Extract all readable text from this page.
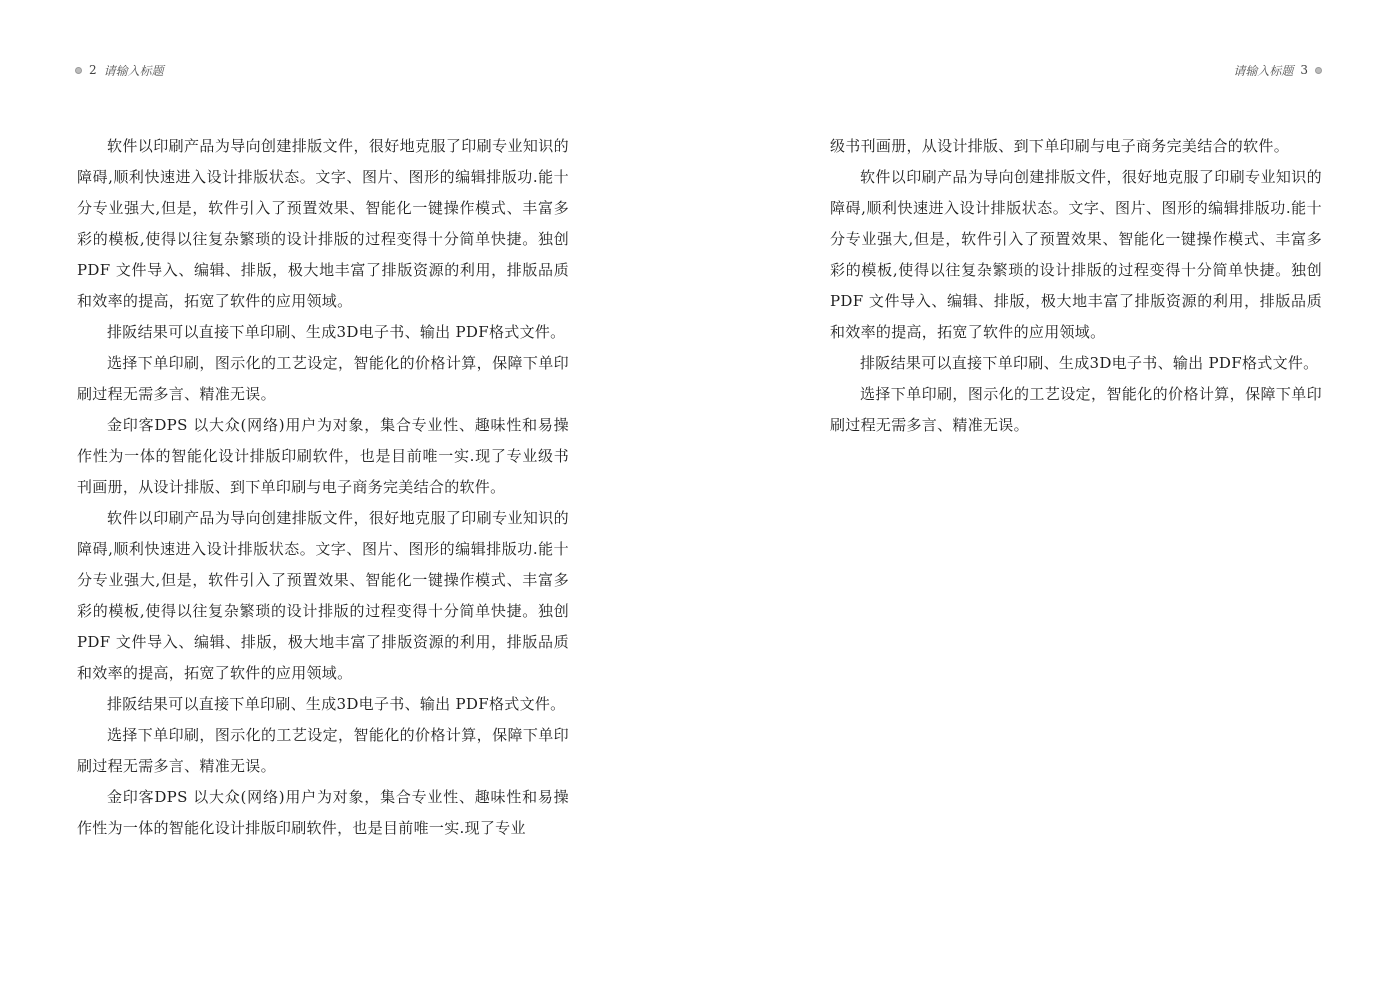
2 请输入标题

软件以印刷产品为导向创建排版文件，很好地克服了印刷专业知识的障碍,顺利快速进入设计排版状态。文字、图片、图形的编辑排版功.能十分专业强大,但是，软件引入了预置效果、智能化一键操作模式、丰富多彩的模板,使得以往复杂繁琐的设计排版的过程变得十分简单快捷。独创PDF 文件导入、编辑、排版，极大地丰富了排版资源的利用，排版品质和效率的提高，拓宽了软件的应用领域。

排阪结果可以直接下单印刷、生成3D电子书、输出 PDF格式文件。

选择下单印刷，图示化的工艺设定，智能化的价格计算，保障下单印刷过程无需多言、精准无误。

金印客DPS 以大众(网络)用户为对象，集合专业性、趣味性和易操作性为一体的智能化设计排版印刷软件，也是目前唯一实.现了专业级书刊画册，从设计排版、到下单印刷与电子商务完美结合的软件。

软件以印刷产品为导向创建排版文件，很好地克服了印刷专业知识的障碍,顺利快速进入设计排版状态。文字、图片、图形的编辑排版功.能十分专业强大,但是，软件引入了预置效果、智能化一键操作模式、丰富多彩的模板,使得以往复杂繁琐的设计排版的过程变得十分简单快捷。独创PDF 文件导入、编辑、排版，极大地丰富了排版资源的利用，排版品质和效率的提高，拓宽了软件的应用领域。

排阪结果可以直接下单印刷、生成3D电子书、输出 PDF格式文件。

选择下单印刷，图示化的工艺设定，智能化的价格计算，保障下单印刷过程无需多言、精准无误。

金印客DPS 以大众(网络)用户为对象，集合专业性、趣味性和易操作性为一体的智能化设计排版印刷软件，也是目前唯一实.现了专业

请输入标题 3

级书刊画册，从设计排版、到下单印刷与电子商务完美结合的软件。

软件以印刷产品为导向创建排版文件，很好地克服了印刷专业知识的障碍,顺利快速进入设计排版状态。文字、图片、图形的编辑排版功.能十分专业强大,但是，软件引入了预置效果、智能化一键操作模式、丰富多彩的模板,使得以往复杂繁琐的设计排版的过程变得十分简单快捷。独创PDF 文件导入、编辑、排版，极大地丰富了排版资源的利用，排版品质和效率的提高，拓宽了软件的应用领域。

排阪结果可以直接下单印刷、生成3D电子书、输出 PDF格式文件。

选择下单印刷，图示化的工艺设定，智能化的价格计算，保障下单印刷过程无需多言、精准无误。
